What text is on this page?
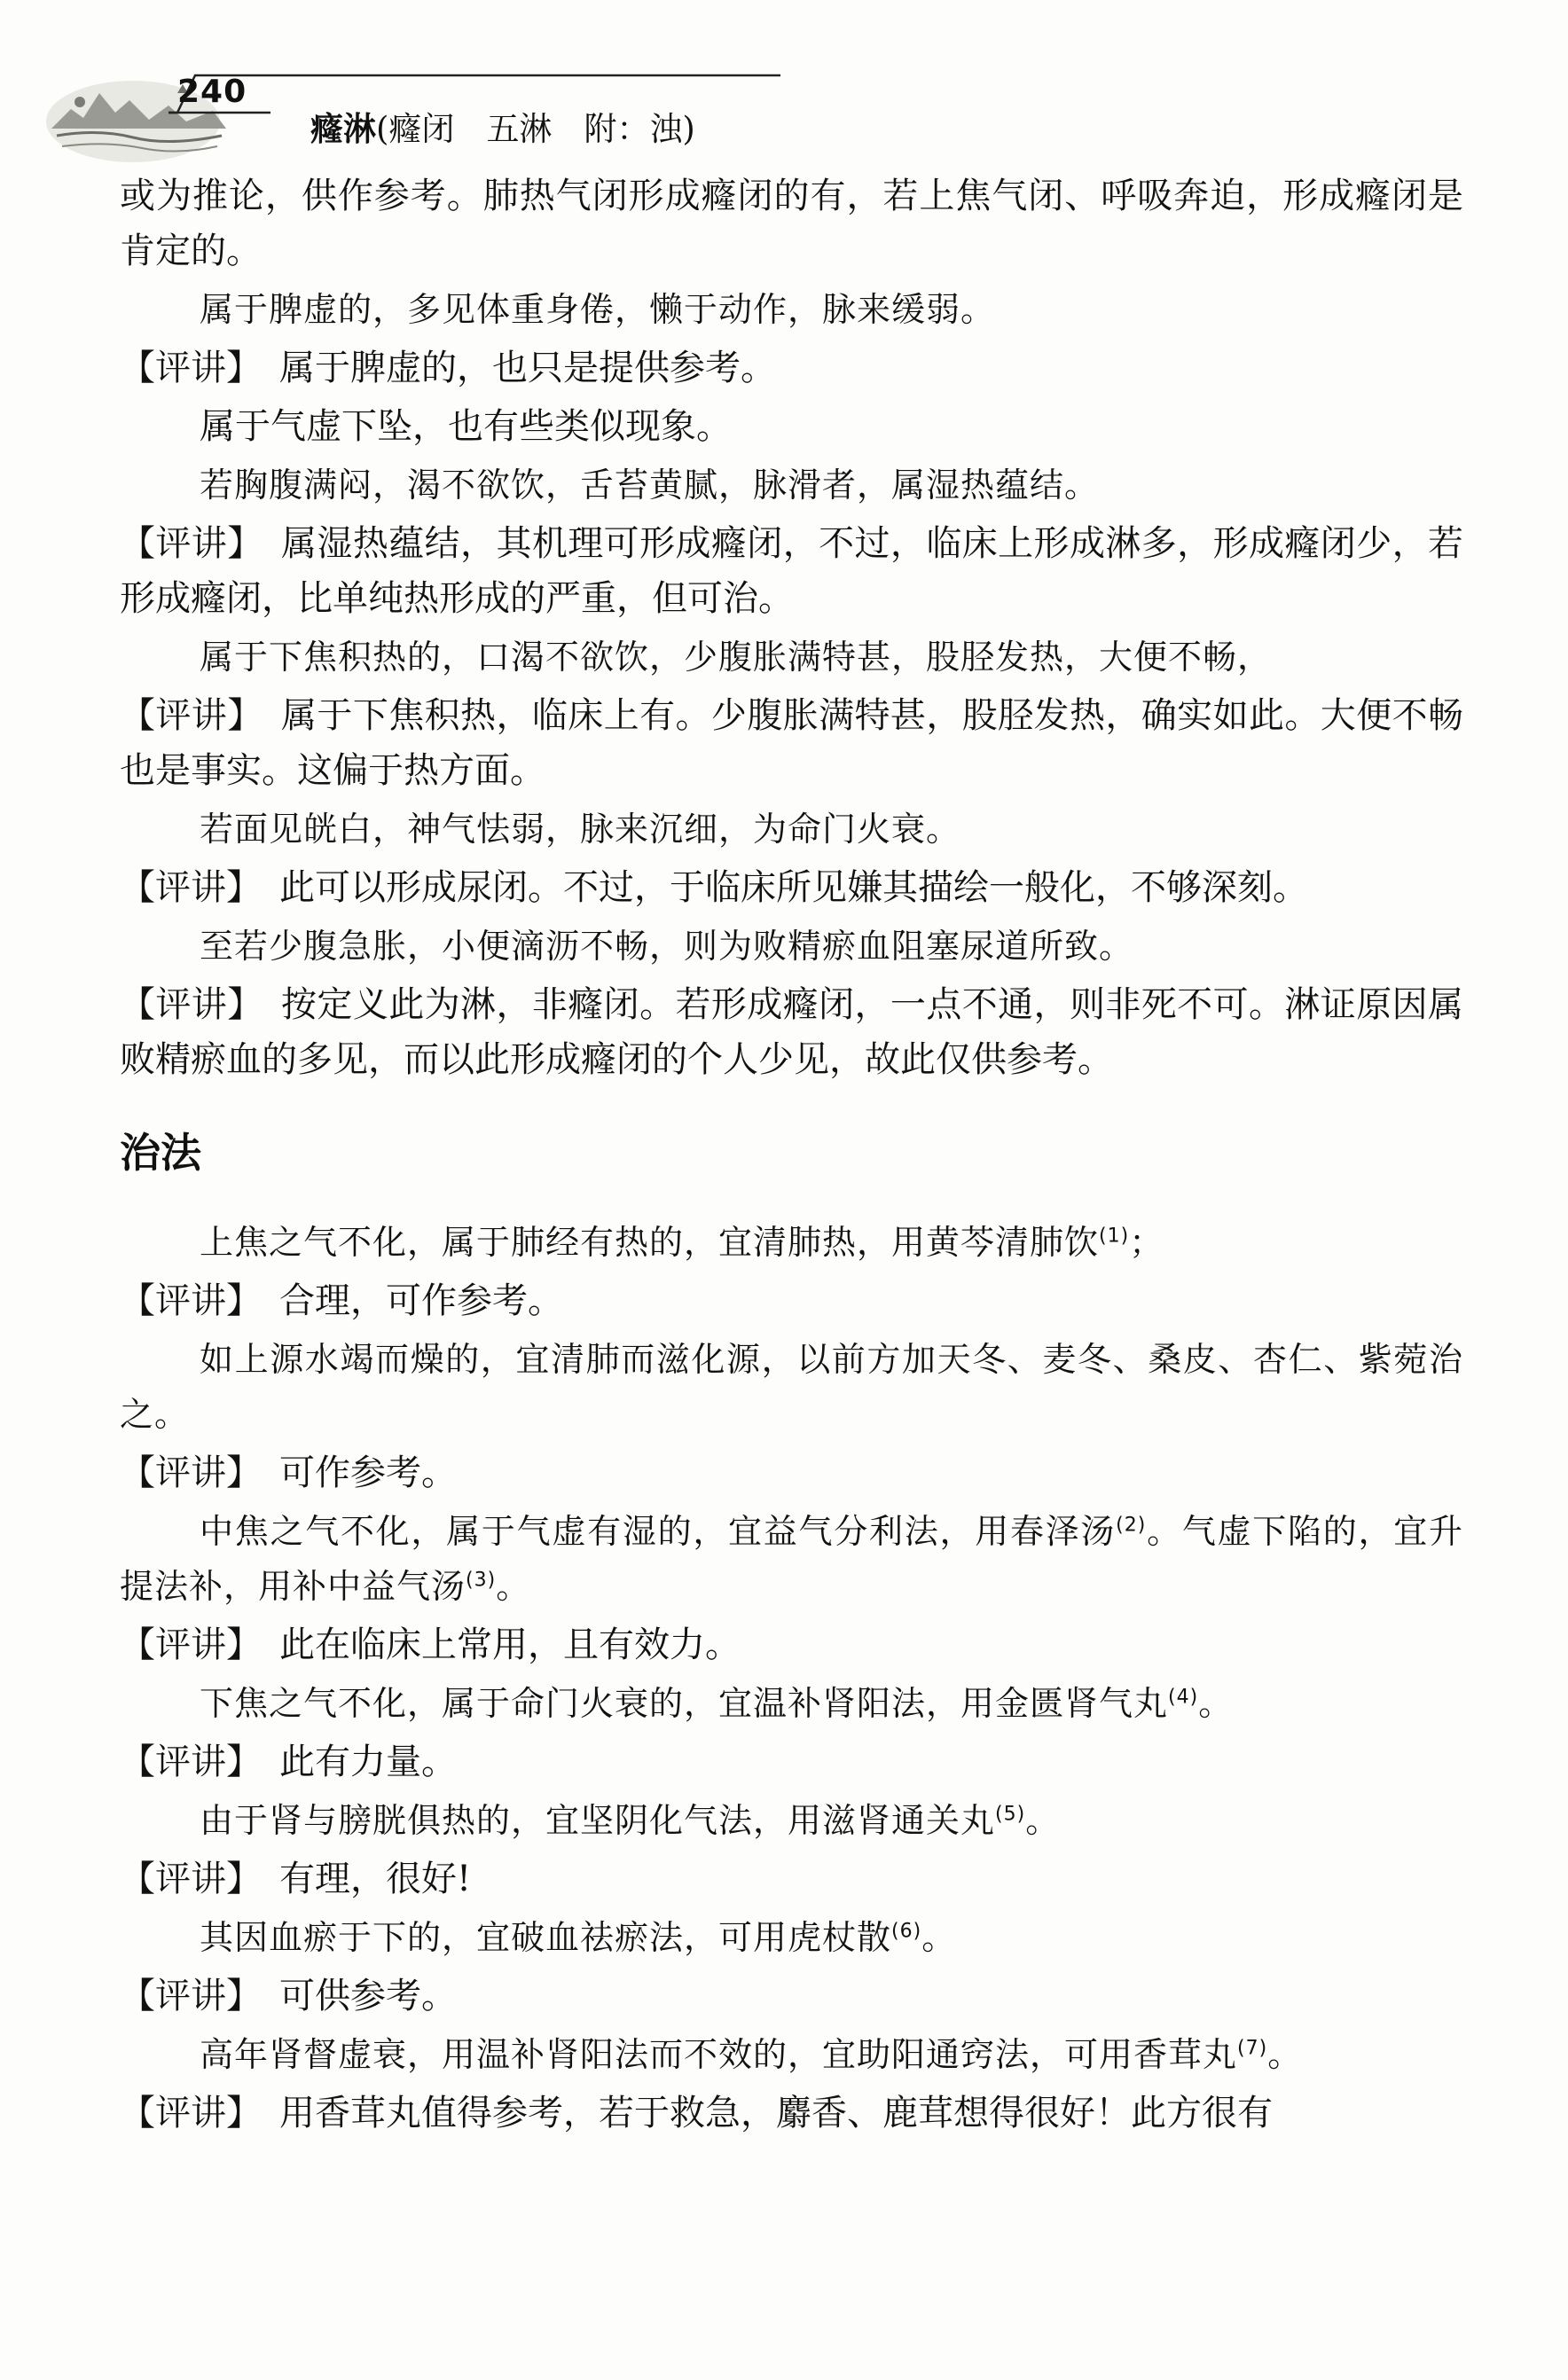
240
癃淋(癃闭 五淋 附：浊)
或为推论，供作参考。肺热气闭形成癃闭的有，若上焦气闭、呼吸奔迫，形成癃闭是肯定的。
属于脾虚的，多见体重身倦，懒于动作，脉来缓弱。
【评讲】  属于脾虚的，也只是提供参考。
属于气虚下坠，也有些类似现象。
若胸腹满闷，渴不欲饮，舌苔黄腻，脉滑者，属湿热蕴结。
【评讲】  属湿热蕴结，其机理可形成癃闭，不过，临床上形成淋多，形成癃闭少，若形成癃闭，比单纯热形成的严重，但可治。
属于下焦积热的，口渴不欲饮，少腹胀满特甚，股胫发热，大便不畅，
【评讲】  属于下焦积热，临床上有。少腹胀满特甚，股胫发热，确实如此。大便不畅也是事实。这偏于热方面。
若面见㿠白，神气怯弱，脉来沉细，为命门火衰。
【评讲】  此可以形成尿闭。不过，于临床所见嫌其描绘一般化，不够深刻。
至若少腹急胀，小便滴沥不畅，则为败精瘀血阻塞尿道所致。
【评讲】  按定义此为淋，非癃闭。若形成癃闭，一点不通，则非死不可。淋证原因属败精瘀血的多见，而以此形成癃闭的个人少见，故此仅供参考。
治法
上焦之气不化，属于肺经有热的，宜清肺热，用黄芩清肺饮$^{(1)}$；
【评讲】  合理，可作参考。
如上源水竭而燥的，宜清肺而滋化源，以前方加天冬、麦冬、桑皮、杏仁、紫菀治之。
【评讲】  可作参考。
中焦之气不化，属于气虚有湿的，宜益气分利法，用春泽汤$^{(2)}$。气虚下陷的，宜升提法补，用补中益气汤$^{(3)}$。
【评讲】  此在临床上常用，且有效力。
下焦之气不化，属于命门火衰的，宜温补肾阳法，用金匮肾气丸$^{(4)}$。
【评讲】  此有力量。
由于肾与膀胱俱热的，宜坚阴化气法，用滋肾通关丸$^{(5)}$。
【评讲】  有理，很好!
其因血瘀于下的，宜破血祛瘀法，可用虎杖散$^{(6)}$。
【评讲】  可供参考。
高年肾督虚衰，用温补肾阳法而不效的，宜助阳通窍法，可用香茸丸$^{(7)}$。
【评讲】  用香茸丸值得参考，若于救急，麝香、鹿茸想得很好！此方很有
